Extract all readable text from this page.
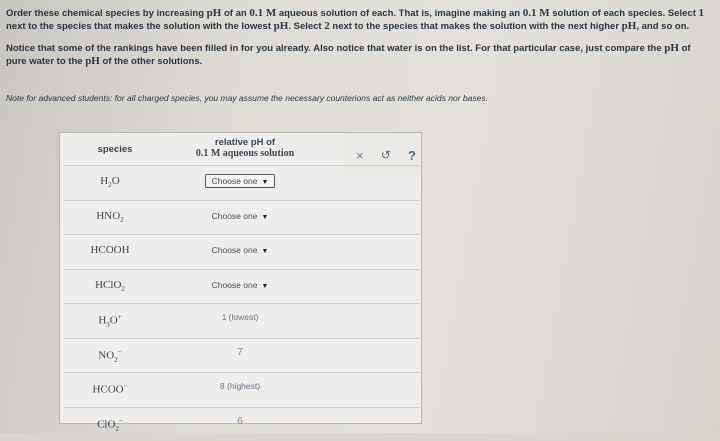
Order these chemical species by increasing pH of an 0.1 M aqueous solution of each. That is, imagine making an 0.1 M solution of each species. Select 1 next to the species that makes the solution with the lowest pH. Select 2 next to the species that makes the solution with the next higher pH, and so on.
Notice that some of the rankings have been filled in for you already. Also notice that water is on the list. For that particular case, just compare the pH of pure water to the pH of the other solutions.
Note for advanced students: for all charged species, you may assume the necessary counterions act as neither acids nor bases.
species
relative pH of
0.1 M aqueous solution	× ↺ ?
$H_2O$	Choose one ▼
$HNO_2$	Choose one ▼
HCOOH	Choose one ▼
HClO$_2$	Choose one ▼
$H_3O^+$	1 (lowest)
$NO_2^-$	7
HCOO−	8 (highest)
ClO$_2$−	6
